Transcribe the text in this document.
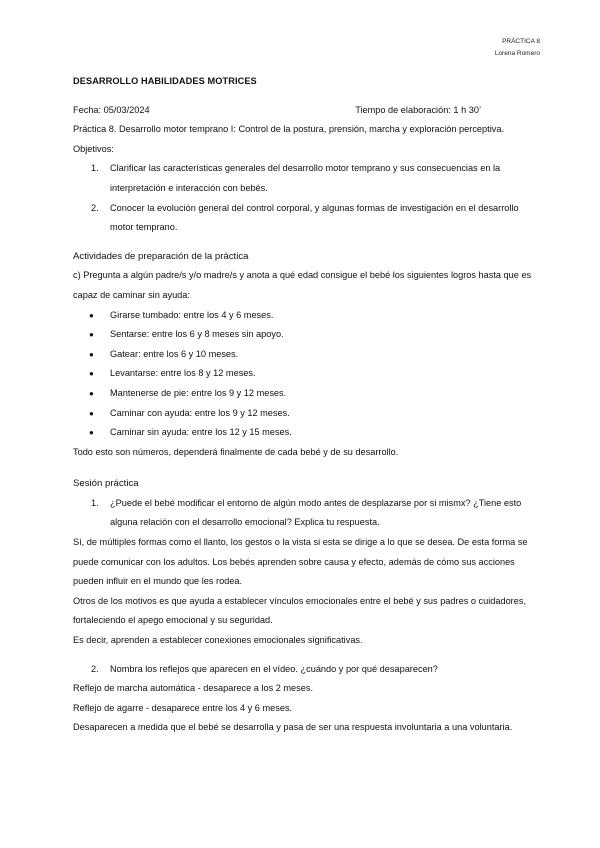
PRÁCTICA 8
Lorena Romero
DESARROLLO HABILIDADES MOTRICES
Fecha: 05/03/2024	Tiempo de elaboración: 1 h 30’
Práctica 8. Desarrollo motor temprano I: Control de la postura, prensión, marcha y exploración perceptiva.
Objetivos:
1. Clarificar las características generales del desarrollo motor temprano y sus consecuencias en la interpretación e interacción con bebés.
2. Conocer la evolución general del control corporal, y algunas formas de investigación en el desarrollo motor temprano.
Actividades de preparación de la práctica
c) Pregunta a algún padre/s y/o madre/s y anota a qué edad consigue el bebé los siguientes logros hasta que es capaz de caminar sin ayuda:
● Girarse tumbado: entre los 4 y 6 meses.
● Sentarse: entre los 6 y 8 meses sin apoyo.
● Gatear: entre los 6 y 10 meses.
● Levantarse: entre los 8 y 12 meses.
● Mantenerse de pie: entre los 9 y 12 meses.
● Caminar con ayuda: entre los 9 y 12 meses.
● Caminar sin ayuda: entre los 12 y 15 meses.
Todo esto son números, dependerá finalmente de cada bebé y de su desarrollo.
Sesión práctica
1. ¿Puede el bebé modificar el entorno de algún modo antes de desplazarse por si mismx? ¿Tiene esto alguna relación con el desarrollo emocional? Explica tu respuesta.
Sí, de múltiples formas como el llanto, los gestos o la vista si esta se dirige a lo que se desea. De esta forma se puede comunicar con los adultos. Los bebés aprenden sobre causa y efecto, además de cómo sus acciones pueden influir en el mundo que les rodea.
Otros de los motivos es que ayuda a establecer vínculos emocionales entre el bebé y sus padres o cuidadores, fortaleciendo el apego emocional y su seguridad.
Es decir, aprenden a establecer conexiones emocionales significativas.
2. Nombra los reflejos que aparecen en el vídeo. ¿cuándo y por qué desaparecen?
Reflejo de marcha automática - desaparece a los 2 meses.
Reflejo de agarre - desaparece entre los 4 y 6 meses.
Desaparecen a medida que el bebé se desarrolla y pasa de ser una respuesta involuntaria a una voluntaria.
